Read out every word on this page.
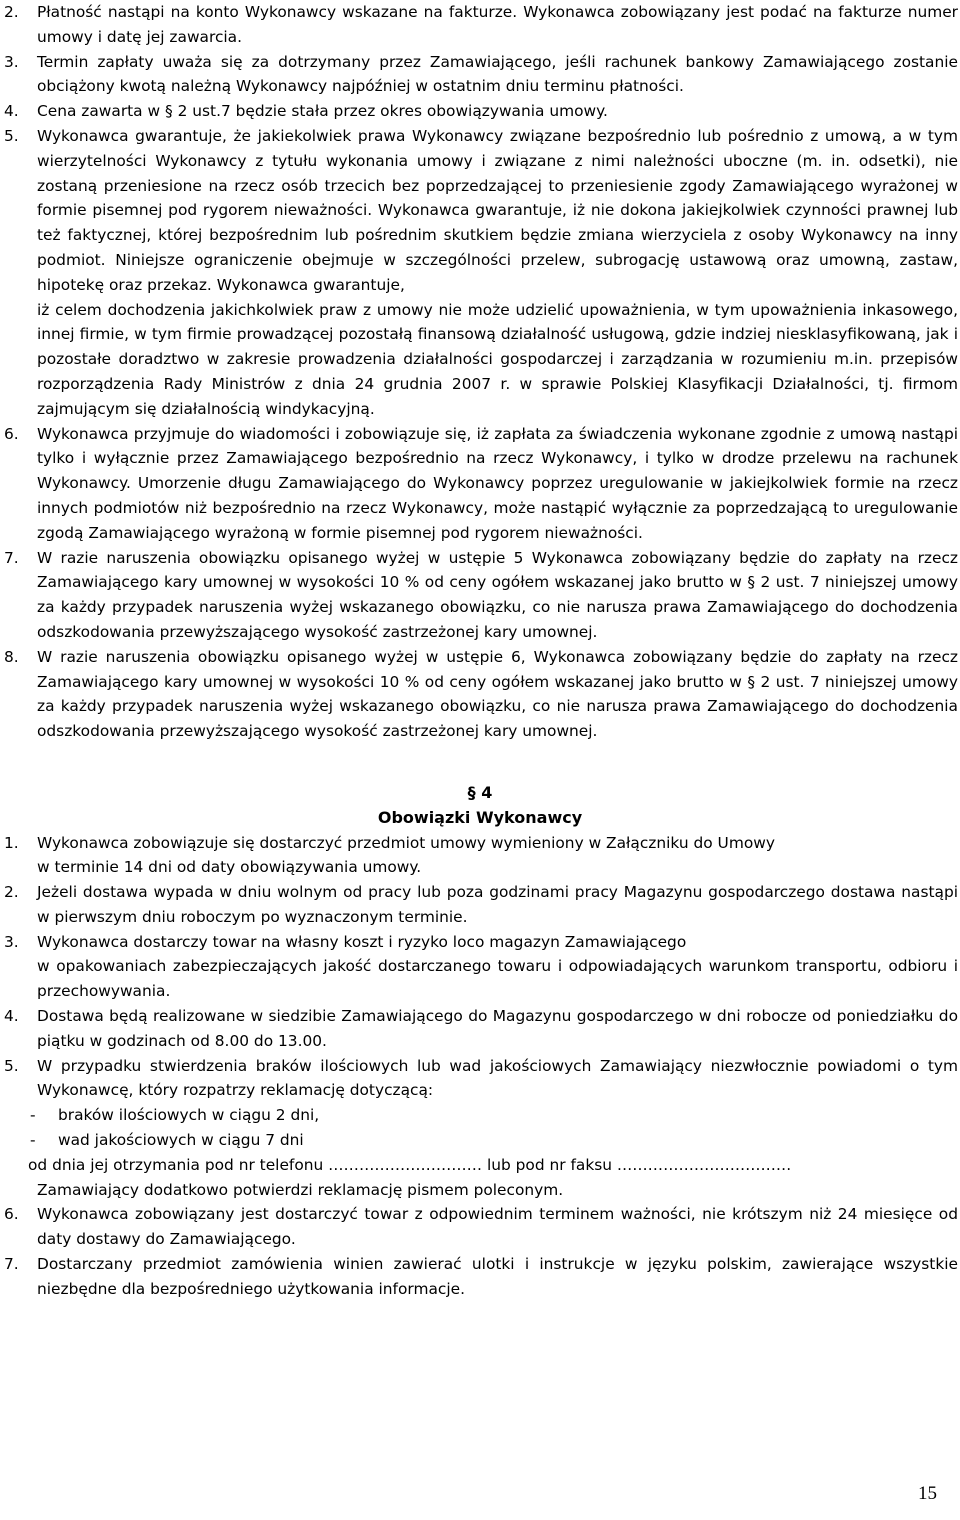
2. Płatność nastąpi na konto Wykonawcy wskazane na fakturze. Wykonawca zobowiązany jest podać na fakturze numer umowy i datę jej zawarcia.
3. Termin zapłaty uważa się za dotrzymany przez Zamawiającego, jeśli rachunek bankowy Zamawiającego zostanie obciążony kwotą należną Wykonawcy najpóźniej w ostatnim dniu terminu płatności.
4. Cena zawarta w § 2 ust.7 będzie stała przez okres obowiązywania umowy.
5. Wykonawca gwarantuje, że jakiekolwiek prawa Wykonawcy związane bezpośrednio lub pośrednio z umową, a w tym wierzytelności Wykonawcy z tytułu wykonania umowy i związane z nimi należności uboczne (m. in. odsetki), nie zostaną przeniesione na rzecz osób trzecich bez poprzedzającej to przeniesienie zgody Zamawiającego wyrażonej w formie pisemnej pod rygorem nieważności. Wykonawca gwarantuje, iż nie dokona jakiejkolwiek czynności prawnej lub też faktycznej, której bezpośrednim lub pośrednim skutkiem będzie zmiana wierzyciela z osoby Wykonawcy na inny podmiot. Niniejsze ograniczenie obejmuje w szczególności przelew, subrogację ustawową oraz umowną, zastaw, hipotekę oraz przekaz. Wykonawca gwarantuje,
iż celem dochodzenia jakichkolwiek praw z umowy nie może udzielić upoważnienia, w tym upoważnienia inkasowego, innej firmie, w tym firmie prowadzącej pozostałą finansową działalność usługową, gdzie indziej niesklasyfikowaną, jak i pozostałe doradztwo w zakresie prowadzenia działalności gospodarczej i zarządzania w rozumieniu m.in. przepisów rozporządzenia Rady Ministrów z dnia 24 grudnia 2007 r. w sprawie Polskiej Klasyfikacji Działalności, tj. firmom zajmującym się działalnością windykacyjną.
6. Wykonawca przyjmuje do wiadomości i zobowiązuje się, iż zapłata za świadczenia wykonane zgodnie z umową nastąpi tylko i wyłącznie przez Zamawiającego bezpośrednio na rzecz Wykonawcy, i tylko w drodze przelewu na rachunek Wykonawcy. Umorzenie długu Zamawiającego do Wykonawcy poprzez uregulowanie w jakiejkolwiek formie na rzecz innych podmiotów niż bezpośrednio na rzecz Wykonawcy, może nastąpić wyłącznie za poprzedzającą to uregulowanie zgodą Zamawiającego wyrażoną w formie pisemnej pod rygorem nieważności.
7. W razie naruszenia obowiązku opisanego wyżej w ustępie 5 Wykonawca zobowiązany będzie do zapłaty na rzecz Zamawiającego kary umownej w wysokości 10 % od ceny ogółem wskazanej jako brutto w § 2 ust. 7 niniejszej umowy za każdy przypadek naruszenia wyżej wskazanego obowiązku, co nie narusza prawa Zamawiającego do dochodzenia odszkodowania przewyższającego wysokość zastrzeżonej kary umownej.
8. W razie naruszenia obowiązku opisanego wyżej w ustępie 6, Wykonawca zobowiązany będzie do zapłaty na rzecz Zamawiającego kary umownej w wysokości 10 % od ceny ogółem wskazanej jako brutto w § 2 ust. 7 niniejszej umowy za każdy przypadek naruszenia wyżej wskazanego obowiązku, co nie narusza prawa Zamawiającego do dochodzenia odszkodowania przewyższającego wysokość zastrzeżonej kary umownej.
§ 4
Obowiązki Wykonawcy
1. Wykonawca zobowiązuje się dostarczyć przedmiot umowy wymieniony w Załączniku do Umowy
w terminie 14 dni od daty obowiązywania umowy.
2. Jeżeli dostawa wypada w dniu wolnym od pracy lub poza godzinami pracy Magazynu gospodarczego dostawa nastąpi w pierwszym dniu roboczym po wyznaczonym terminie.
3. Wykonawca dostarczy towar na własny koszt i ryzyko loco magazyn Zamawiającego
w opakowaniach zabezpieczających jakość dostarczanego towaru i odpowiadających warunkom transportu, odbioru i przechowywania.
4. Dostawa będą realizowane w siedzibie Zamawiającego do Magazynu gospodarczego w dni robocze od poniedziałku do piątku w godzinach od 8.00 do 13.00.
5. W przypadku stwierdzenia braków ilościowych lub wad jakościowych Zamawiający niezwłocznie powiadomi o tym Wykonawcę, który rozpatrzy reklamację dotyczącą:
- braków ilościowych w ciągu 2 dni,
- wad jakościowych w ciągu 7 dni
od dnia jej otrzymania pod nr telefonu ………………………… lub pod nr faksu …………………………….
Zamawiający dodatkowo potwierdzi reklamację pismem poleconym.
6. Wykonawca zobowiązany jest dostarczyć towar z odpowiednim terminem ważności, nie krótszym niż 24 miesięce od daty dostawy do Zamawiającego.
7. Dostarczany przedmiot zamówienia winien zawierać ulotki i instrukcje w języku polskim, zawierające wszystkie niezbędne dla bezpośredniego użytkowania informacje.
15
